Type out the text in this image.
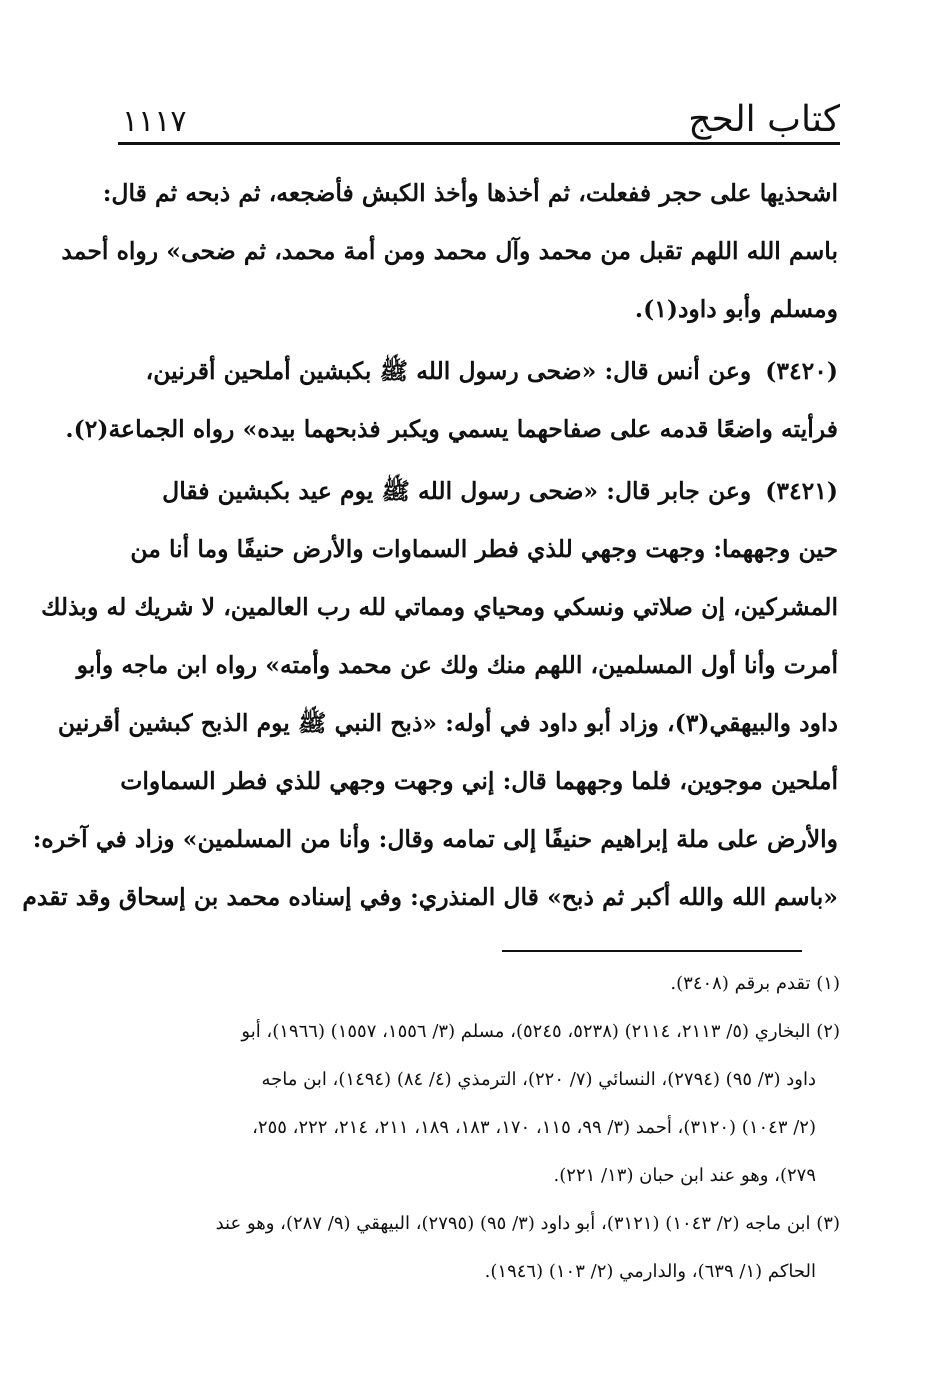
كتاب الحج
١١١٧
اشحذيها على حجر ففعلت، ثم أخذها وأخذ الكبش فأضجعه، ثم ذبحه ثم قال:
باسم الله اللهم تقبل من محمد وآل محمد ومن أمة محمد، ثم ضحى» رواه أحمد
ومسلم وأبو داود(١).
(٣٤٢٠)وعن أنس قال: «ضحى رسول الله ﷺ بكبشين أملحين أقرنين،
فرأيته واضعًا قدمه على صفاحهما يسمي ويكبر فذبحهما بيده» رواه الجماعة(٢).
(٣٤٢١)وعن جابر قال: «ضحى رسول الله ﷺ يوم عيد بكبشين فقال
حين وجههما: وجهت وجهي للذي فطر السماوات والأرض حنيفًا وما أنا من
المشركين، إن صلاتي ونسكي ومحياي ومماتي لله رب العالمين، لا شريك له وبذلك
أمرت وأنا أول المسلمين، اللهم منك ولك عن محمد وأمته» رواه ابن ماجه وأبو
داود والبيهقي(٣)، وزاد أبو داود في أوله: «ذبح النبي ﷺ يوم الذبح كبشين أقرنين
أملحين موجوين، فلما وجههما قال: إني وجهت وجهي للذي فطر السماوات
والأرض على ملة إبراهيم حنيفًا إلى تمامه وقال: وأنا من المسلمين» وزاد في آخره:
«باسم الله والله أكبر ثم ذبح» قال المنذري: وفي إسناده محمد بن إسحاق وقد تقدم
(١) تقدم برقم (٣٤٠٨).
(٢) البخاري (٥/ ٢١١٣، ٢١١٤) (٥٢٣٨، ٥٢٤٥)، مسلم (٣/ ١٥٥٦، ١٥٥٧) (١٩٦٦)، أبو
داود (٣/ ٩٥) (٢٧٩٤)، النسائي (٧/ ٢٢٠)، الترمذي (٤/ ٨٤) (١٤٩٤)، ابن ماجه
(٢/ ١٠٤٣) (٣١٢٠)، أحمد (٣/ ٩٩، ١١٥، ١٧٠، ١٨٣، ١٨٩، ٢١١، ٢١٤، ٢٢٢، ٢٥٥،
٢٧٩)، وهو عند ابن حبان (١٣/ ٢٢١).
(٣) ابن ماجه (٢/ ١٠٤٣) (٣١٢١)، أبو داود (٣/ ٩٥) (٢٧٩٥)، البيهقي (٩/ ٢٨٧)، وهو عند
الحاكم (١/ ٦٣٩)، والدارمي (٢/ ١٠٣) (١٩٤٦).
